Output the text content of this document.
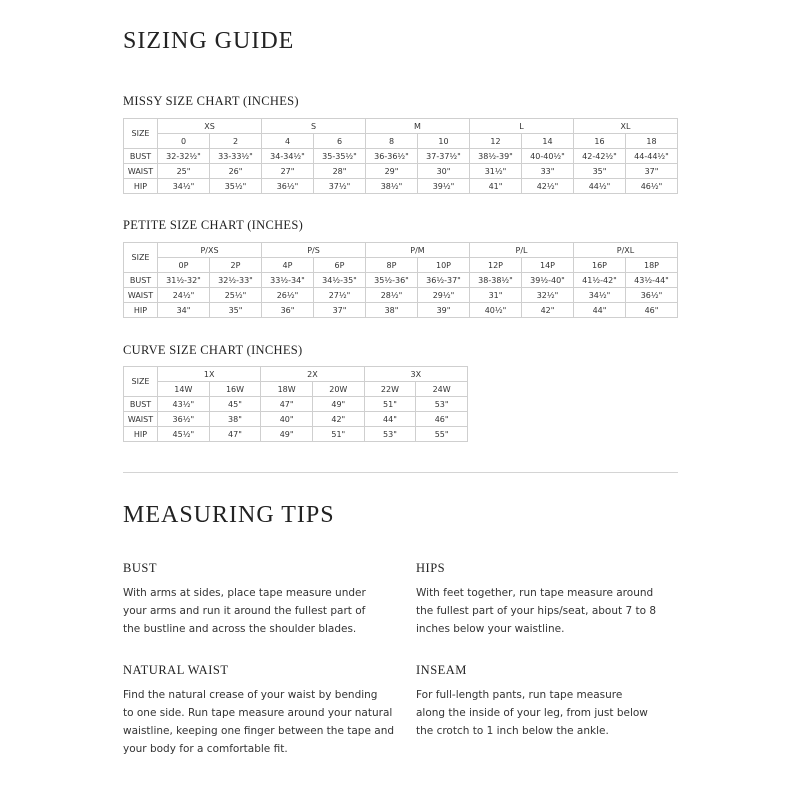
SIZING GUIDE
MISSY SIZE CHART (INCHES)
SIZE	XS		S		M		L		XL	
	0	2	4	6	8	10	12	14	16	18
BUST	32-32½"	33-33½"	34-34½"	35-35½"	36-36½"	37-37½"	38½-39"	40-40½"	42-42½"	44-44½"
WAIST	25"	26"	27"	28"	29"	30"	31½"	33"	35"	37"
HIP	34½"	35½"	36½"	37½"	38½"	39½"	41"	42½"	44½"	46½"
PETITE SIZE CHART (INCHES)
SIZE	P/XS		P/S		P/M		P/L		P/XL	
	0P	2P	4P	6P	8P	10P	12P	14P	16P	18P
BUST	31½-32"	32½-33"	33½-34"	34½-35"	35½-36"	36½-37"	38-38½"	39½-40"	41½-42"	43½-44"
WAIST	24½"	25½"	26½"	27½"	28½"	29½"	31"	32½"	34½"	36½"
HIP	34"	35"	36"	37"	38"	39"	40½"	42"	44"	46"
CURVE SIZE CHART (INCHES)
SIZE	1X		2X		3X	
	14W	16W	18W	20W	22W	24W
BUST	43½"	45"	47"	49"	51"	53"
WAIST	36½"	38"	40"	42"	44"	46"
HIP	45½"	47"	49"	51"	53"	55"
MEASURING TIPS
BUST
With arms at sides, place tape measure under
your arms and run it around the fullest part of
the bustline and across the shoulder blades.
HIPS
With feet together, run tape measure around
the fullest part of your hips/seat, about 7 to 8
inches below your waistline.
NATURAL WAIST
Find the natural crease of your waist by bending
to one side. Run tape measure around your natural
waistline, keeping one finger between the tape and
your body for a comfortable fit.
INSEAM
For full-length pants, run tape measure
along the inside of your leg, from just below
the crotch to 1 inch below the ankle.
